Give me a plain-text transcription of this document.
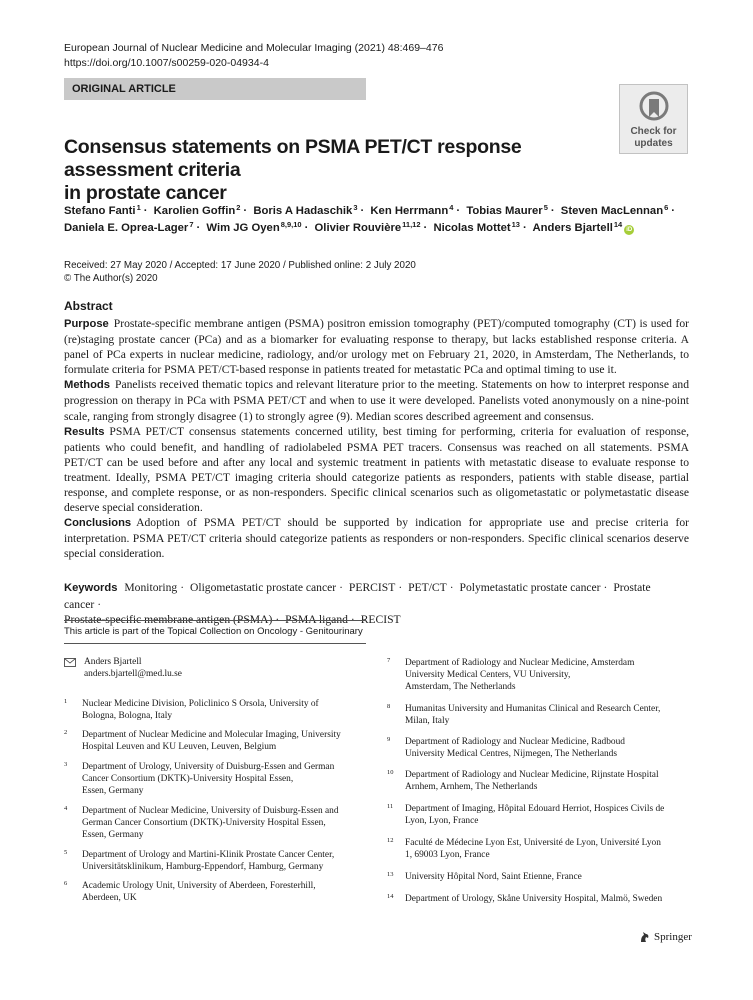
European Journal of Nuclear Medicine and Molecular Imaging (2021) 48:469–476
https://doi.org/10.1007/s00259-020-04934-4
ORIGINAL ARTICLE
Check for
updates
Consensus statements on PSMA PET/CT response assessment criteria
in prostate cancer
Stefano Fanti$^1$ · Karolien Goffin$^2$ · Boris A Hadaschik$^3$ · Ken Herrmann$^4$ · Tobias Maurer$^5$ · Steven MacLennan$^6$ ·
Daniela E. Oprea-Lager$^7$ · Wim JG Oyen$^{8,9,10}$ · Olivier Rouvière$^{11,12}$ · Nicolas Mottet$^{13}$ · Anders Bjartell$^{14}$iD
Received: 27 May 2020 / Accepted: 17 June 2020 / Published online: 2 July 2020
© The Author(s) 2020
Abstract

Purpose Prostate-specific membrane antigen (PSMA) positron emission tomography (PET)/computed tomography (CT) is used for (re)staging prostate cancer (PCa) and as a biomarker for evaluating response to therapy, but lacks established response criteria. A panel of PCa experts in nuclear medicine, radiology, and/or urology met on February 21, 2020, in Amsterdam, The Netherlands, to formulate criteria for PSMA PET/CT-based response in patients treated for metastatic PCa and optimal timing to use it.

Methods Panelists received thematic topics and relevant literature prior to the meeting. Statements on how to interpret response and progression on therapy in PCa with PSMA PET/CT and when to use it were developed. Panelists voted anonymously on a nine-point scale, ranging from strongly disagree (1) to strongly agree (9). Median scores described agreement and consensus.

Results PSMA PET/CT consensus statements concerned utility, best timing for performing, criteria for evaluation of response, patients who could benefit, and handling of radiolabeled PSMA PET tracers. Consensus was reached on all statements. PSMA PET/CT can be used before and after any local and systemic treatment in patients with metastatic disease to evaluate response to treatment. Ideally, PSMA PET/CT imaging criteria should categorize patients as responders, patients with stable disease, partial response, and complete response, or as non-responders. Specific clinical scenarios such as oligometastatic or polymetastatic disease deserve special consideration.

Conclusions Adoption of PSMA PET/CT should be supported by indication for appropriate use and precise criteria for interpretation. PSMA PET/CT criteria should categorize patients as responders or non-responders. Specific clinical scenarios deserve special consideration.

Keywords Monitoring · Oligometastatic prostate cancer · PERCIST · PET/CT · Polymetastatic prostate cancer · Prostate cancer ·
Prostate-specific membrane antigen (PSMA) · PSMA ligand · RECIST
This article is part of the Topical Collection on Oncology - Genitourinary
Anders Bjartell
anders.bjartell@med.lu.se
1 Nuclear Medicine Division, Policlinico S Orsola, University of
Bologna, Bologna, Italy
2 Department of Nuclear Medicine and Molecular Imaging, University
Hospital Leuven and KU Leuven, Leuven, Belgium
3 Department of Urology, University of Duisburg-Essen and German
Cancer Consortium (DKTK)-University Hospital Essen,
Essen, Germany
4 Department of Nuclear Medicine, University of Duisburg-Essen and
German Cancer Consortium (DKTK)-University Hospital Essen,
Essen, Germany
5 Department of Urology and Martini-Klinik Prostate Cancer Center,
Universitätsklinikum, Hamburg-Eppendorf, Hamburg, Germany
6 Academic Urology Unit, University of Aberdeen, Foresterhill,
Aberdeen, UK
7 Department of Radiology and Nuclear Medicine, Amsterdam
University Medical Centers, VU University,
Amsterdam, The Netherlands
8 Humanitas University and Humanitas Clinical and Research Center,
Milan, Italy
9 Department of Radiology and Nuclear Medicine, Radboud
University Medical Centres, Nijmegen, The Netherlands
10 Department of Radiology and Nuclear Medicine, Rijnstate Hospital
Arnhem, Arnhem, The Netherlands
11 Department of Imaging, Hôpital Edouard Herriot, Hospices Civils de
Lyon, Lyon, France
12 Faculté de Médecine Lyon Est, Université de Lyon, Université Lyon
1, 69003 Lyon, France
13 University Hôpital Nord, Saint Etienne, France
14 Department of Urology, Skåne University Hospital, Malmö, Sweden
Springer
